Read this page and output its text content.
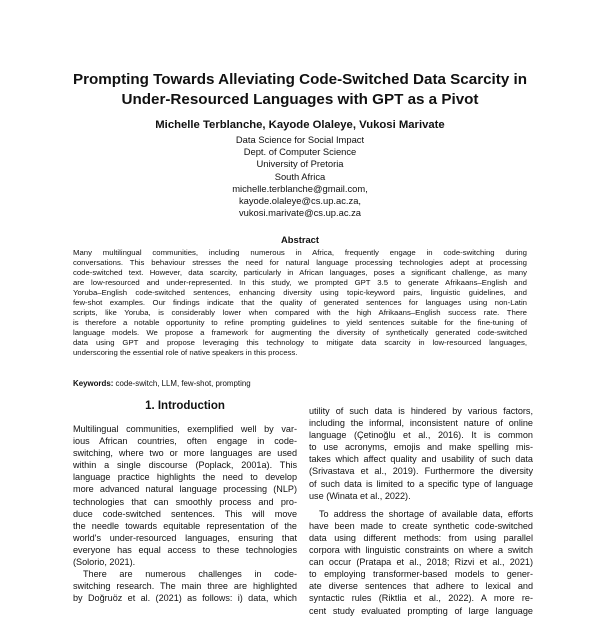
Prompting Towards Alleviating Code-Switched Data Scarcity in
Under-Resourced Languages with GPT as a Pivot
Michelle Terblanche, Kayode Olaleye, Vukosi Marivate
Data Science for Social Impact
Dept. of Computer Science
University of Pretoria
South Africa
michelle.terblanche@gmail.com,
kayode.olaleye@cs.up.ac.za,
vukosi.marivate@cs.up.ac.za
Abstract
Many multilingual communities, including numerous in Africa, frequently engage in code-switching during
conversations. This behaviour stresses the need for natural language processing technologies adept at processing
code-switched text. However, data scarcity, particularly in African languages, poses a significant challenge, as many
are low-resourced and under-represented. In this study, we prompted GPT 3.5 to generate Afrikaans–English and
Yoruba–English code-switched sentences, enhancing diversity using topic-keyword pairs, linguistic guidelines, and
few-shot examples. Our findings indicate that the quality of generated sentences for languages using non-Latin
scripts, like Yoruba, is considerably lower when compared with the high Afrikaans–English success rate. There
is therefore a notable opportunity to refine prompting guidelines to yield sentences suitable for the fine-tuning of
language models. We propose a framework for augmenting the diversity of synthetically generated code-switched
data using GPT and propose leveraging this technology to mitigate data scarcity in low-resourced languages,
underscoring the essential role of native speakers in this process.
Keywords: code-switch, LLM, few-shot, prompting
1. Introduction
Multilingual communities, exemplified well by var-
ious African countries, often engage in code-
switching, where two or more languages are used
within a single discourse (Poplack, 2001a). This
language practice highlights the need to develop
more advanced natural language processing (NLP)
technologies that can smoothly process and pro-
duce code-switched sentences. This will move
the needle towards equitable representation of the
world's under-resourced languages, ensuring that
everyone has equal access to these technologies
(Solorio, 2021).
There are numerous challenges in code-
switching research. The main three are highlighted
by Doğruöz et al. (2021) as follows: i) data, which
utility of such data is hindered by various factors,
including the informal, inconsistent nature of online
language (Çetinoğlu et al., 2016). It is common
to use acronyms, emojis and make spelling mis-
takes which affect quality and usability of such data
(Srivastava et al., 2019). Furthermore the diversity
of such data is limited to a specific type of language
use (Winata et al., 2022).
To address the shortage of available data, efforts
have been made to create synthetic code-switched
data using different methods: from using parallel
corpora with linguistic constraints on where a switch
can occur (Pratapa et al., 2018; Rizvi et al., 2021)
to employing transformer-based models to gener-
ate diverse sentences that adhere to lexical and
syntactic rules (Riktlia et al., 2022). A more re-
cent study evaluated prompting of large language
